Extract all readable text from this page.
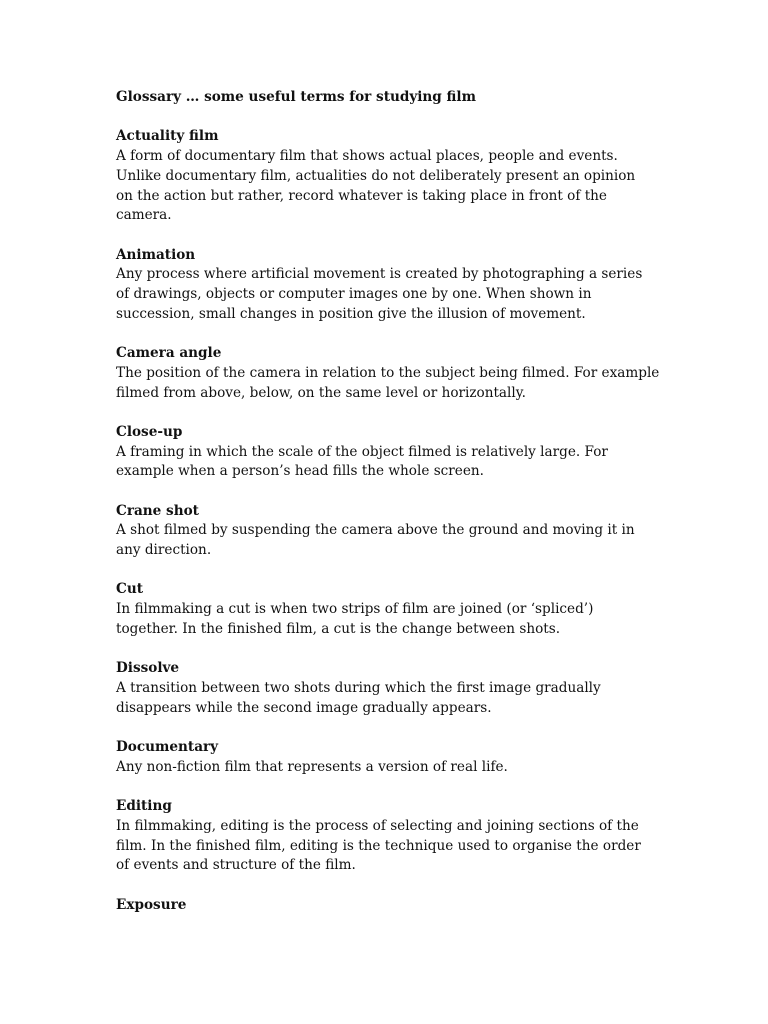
Glossary … some useful terms for studying film

Actuality film

A form of documentary film that shows actual places, people and events.

Unlike documentary film, actualities do not deliberately present an opinion

on the action but rather, record whatever is taking place in front of the

camera.

Animation

Any process where artificial movement is created by photographing a series

of drawings, objects or computer images one by one. When shown in

succession, small changes in position give the illusion of movement.

Camera angle

The position of the camera in relation to the subject being filmed. For example

filmed from above, below, on the same level or horizontally.

Close-up

A framing in which the scale of the object filmed is relatively large. For

example when a person’s head fills the whole screen.

Crane shot

A shot filmed by suspending the camera above the ground and moving it in

any direction.

Cut

In filmmaking a cut is when two strips of film are joined (or ‘spliced’)

together. In the finished film, a cut is the change between shots.

Dissolve

A transition between two shots during which the first image gradually

disappears while the second image gradually appears.

Documentary

Any non-fiction film that represents a version of real life.

Editing

In filmmaking, editing is the process of selecting and joining sections of the

film. In the finished film, editing is the technique used to organise the order

of events and structure of the film.

Exposure
